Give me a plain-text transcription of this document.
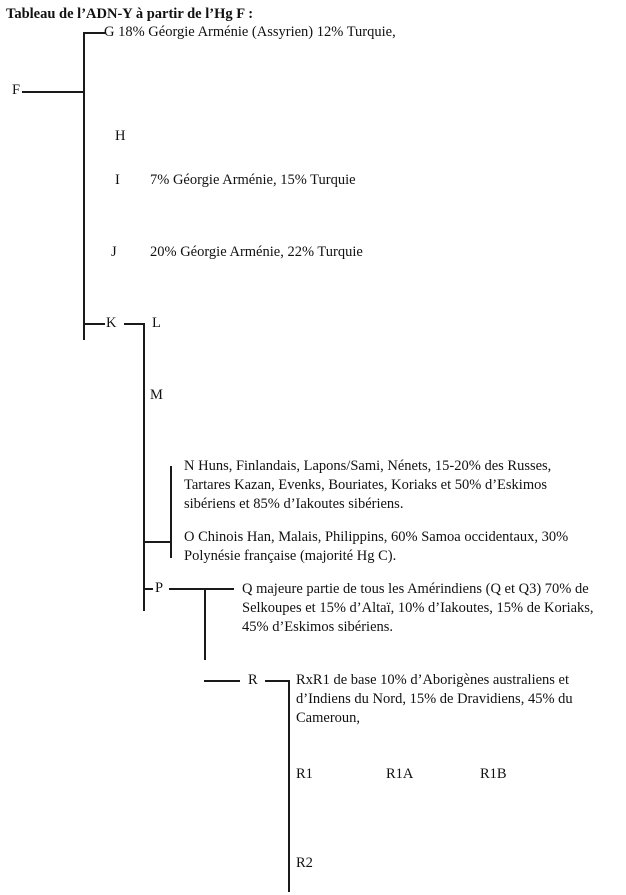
Tableau de l’ADN-Y à partir de l’Hg F :
F
G 18% Géorgie Arménie (Assyrien) 12% Turquie,
H
I 7% Géorgie Arménie, 15% Turquie
J 20% Géorgie Arménie, 22% Turquie
K L
M
N Huns, Finlandais, Lapons/Sami, Nénets, 15-20% des Russes,
Tartares Kazan, Evenks, Bouriates, Koriaks et 50% d’Eskimos
sibériens et 85% d’Iakoutes sibériens.
O Chinois Han, Malais, Philippins, 60% Samoa occidentaux, 30%
Polynésie française (majorité Hg C).
P	Q majeure partie de tous les Amérindiens (Q et Q3) 70% de
Selkoupes et 15% d’Altaï, 10% d’Iakoutes, 15% de Koriaks,
45% d’Eskimos sibériens.
R	RxR1 de base 10% d’Aborigènes australiens et
d’Indiens du Nord, 15% de Dravidiens, 45% du
Cameroun,
R1	R1A	R1B
R2
